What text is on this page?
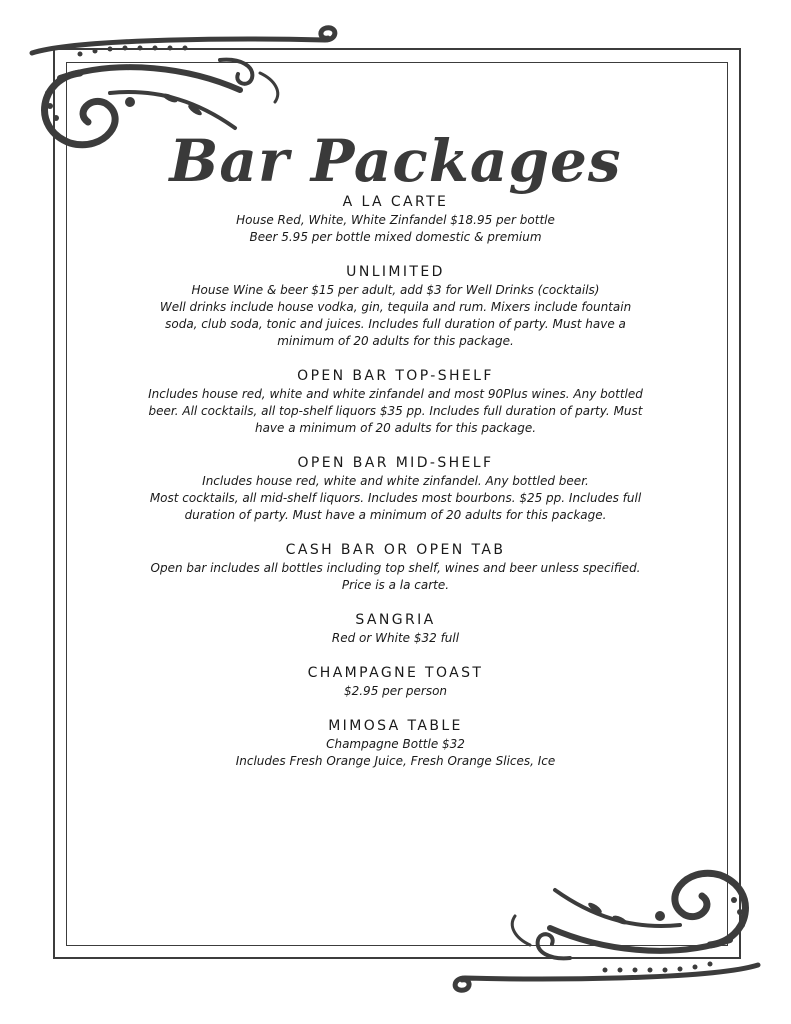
Bar Packages
A LA CARTE

House Red, White, White Zinfandel $18.95 per bottle

Beer 5.95 per bottle mixed domestic & premium

UNLIMITED

House Wine & beer $15 per adult, add $3 for Well Drinks (cocktails)

Well drinks include house vodka, gin, tequila and rum. Mixers include fountain

soda, club soda, tonic and juices. Includes full duration of party. Must have a

minimum of 20 adults for this package.

OPEN BAR TOP-SHELF

Includes house red, white and white zinfandel and most 90Plus wines. Any bottled

beer. All cocktails, all top-shelf liquors $35 pp. Includes full duration of party. Must

have a minimum of 20 adults for this package.

OPEN BAR MID-SHELF

Includes house red, white and white zinfandel. Any bottled beer.

Most cocktails, all mid-shelf liquors. Includes most bourbons. $25 pp. Includes full

duration of party. Must have a minimum of 20 adults for this package.

CASH BAR OR OPEN TAB

Open bar includes all bottles including top shelf, wines and beer unless specified.

Price is a la carte.

SANGRIA

Red or White $32 full

CHAMPAGNE TOAST

$2.95 per person

MIMOSA TABLE

Champagne Bottle $32

Includes Fresh Orange Juice, Fresh Orange Slices, Ice
